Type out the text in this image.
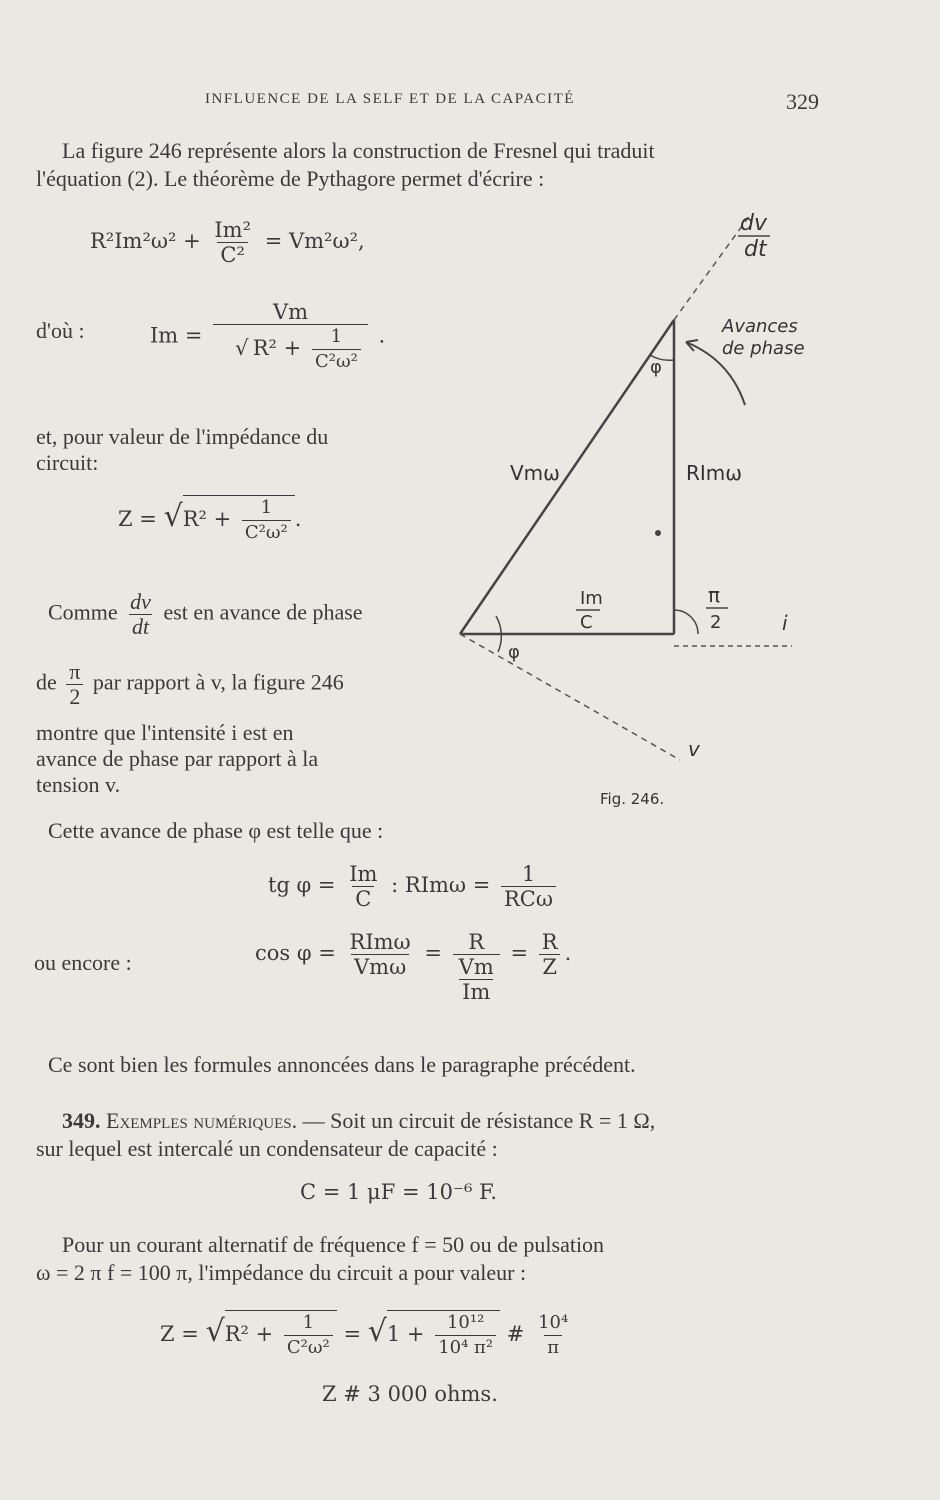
INFLUENCE DE LA SELF ET DE LA CAPACITÉ	329
La figure 246 représente alors la construction de Fresnel qui traduit
l'équation (2). Le théorème de Pythagore permet d'écrire :
$R^2Im^2\omega^2 + \frac{\text{Im²}}{\text{C²}} = Vm^2\omega^2$,
d'où :	$Im = \frac{Vm}{√ R^2 + \frac{1}{\text{C²ω²}}}$ .
et, pour valeur de l'impédance du
circuit:
$Z = √R^2 + \frac{1}{\text{C²ω²}}$ .
Comme $\frac{dv}{dt}$ est en avance de phase
de $\frac{\pi}{2}$ par rapport à v, la figure 246
montre que l'intensité i est en
avance de phase par rapport à la
tension v.
dv
dt
Avances
de phase
φ
Vmω	RImω
Im
C
π
2	i
φ
v
Fig. 246.
Cette avance de phase φ est telle que :
tg $\varphi = \frac{Im}{C}$ : $RIm\omega = \frac{1}{\text{RCω}}$
ou encore :	$\cos \varphi = \frac{\text{RImω}}{\text{Vmω}} = \frac{R}{\frac{Vm}{Im}} = \frac{R}{Z}$ .
Ce sont bien les formules annoncées dans le paragraphe précédent.
349. Exemples numériques. — Soit un circuit de résistance R = 1 Ω,
sur lequel est intercalé un condensateur de capacité :
C = 1 μF = 10⁻⁶ F.
Pour un courant alternatif de fréquence f = 50 ou de pulsation
ω = 2 π f = 100 π, l'impédance du circuit a pour valeur :
$Z = √R^2 + \frac{1}{\text{C²ω²}} = √1 + \frac{\text{10¹²}}{\text{10⁴ π²}}$ # $\frac{\text{10⁴}}{\pi}$
Z # 3 000 ohms.
